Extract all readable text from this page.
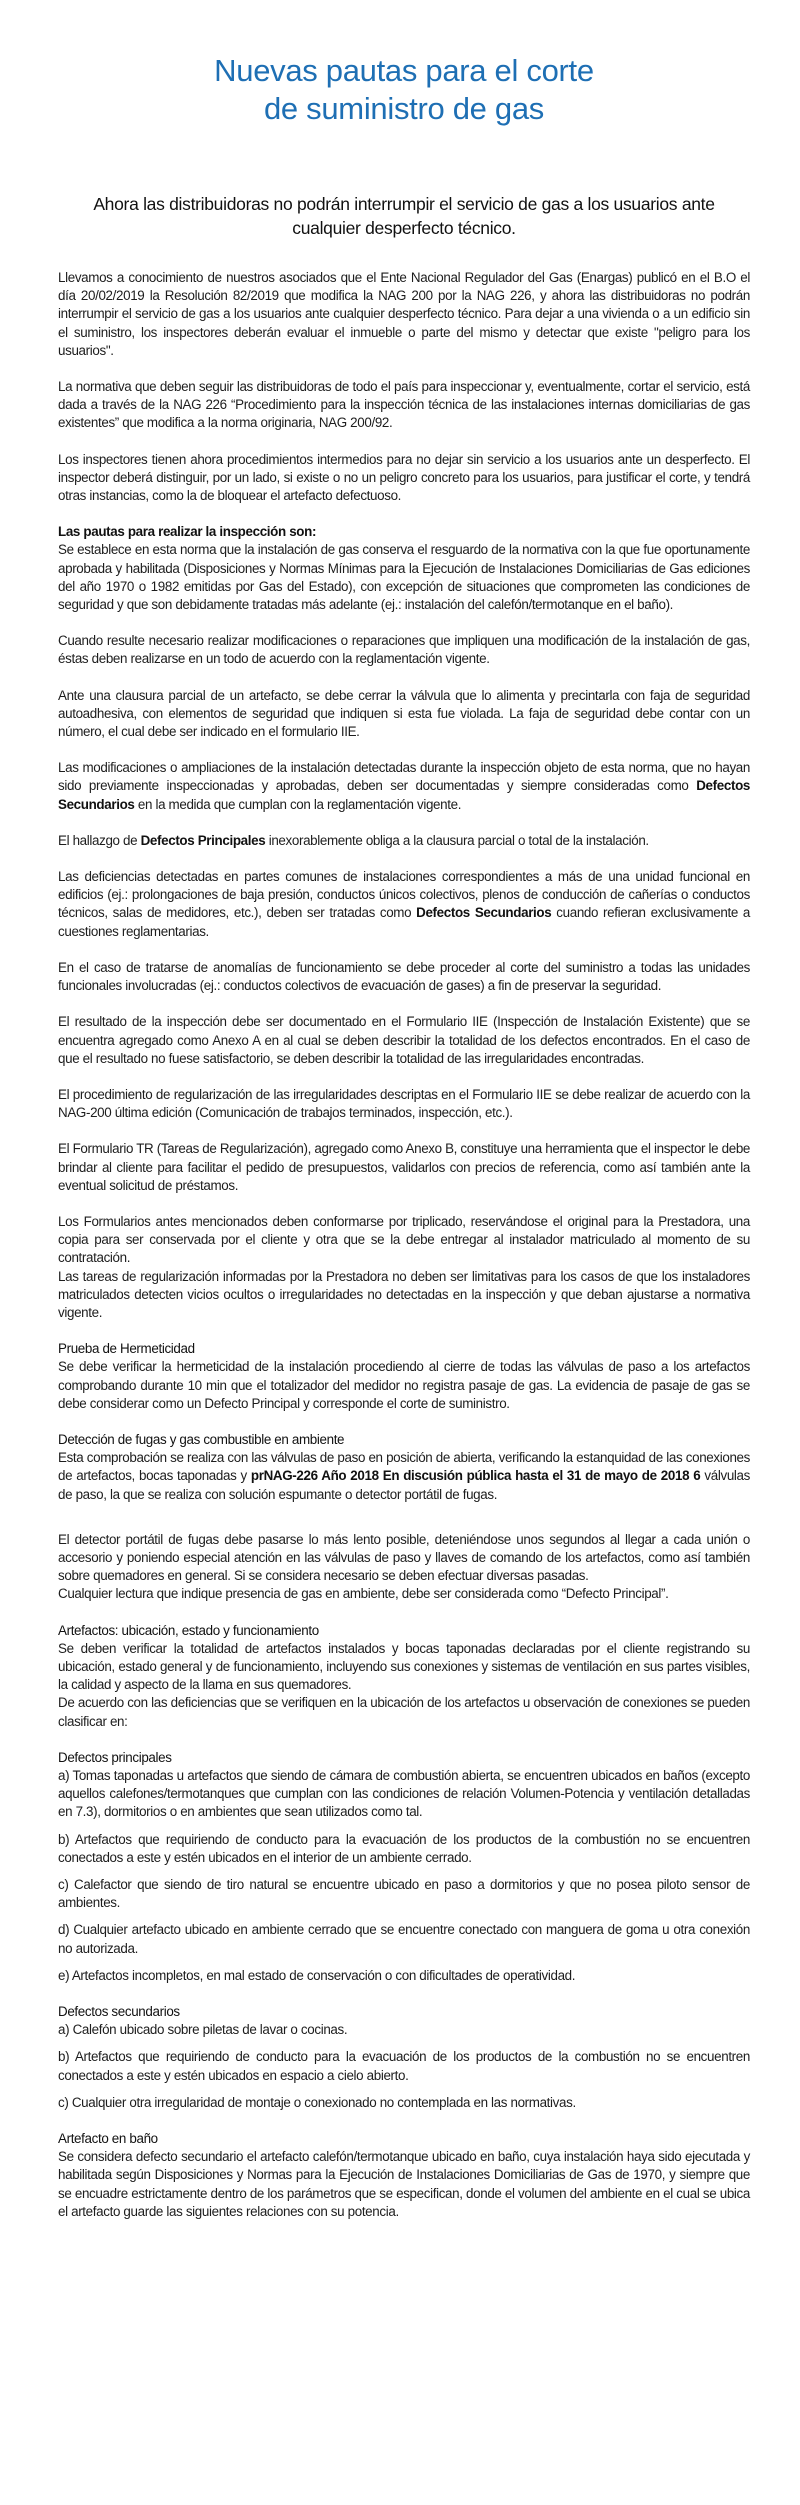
Nuevas pautas para el corte
de suministro de gas
Ahora las distribuidoras no podrán interrumpir el servicio de gas a los usuarios ante cualquier desperfecto técnico.

Llevamos a conocimiento de nuestros asociados que el Ente Nacional Regulador del Gas (Enargas) publicó en el B.O el día 20/02/2019 la Resolución 82/2019 que modifica la NAG 200 por la NAG 226, y ahora las distribuidoras no podrán interrumpir el servicio de gas a los usuarios ante cualquier desperfecto técnico. Para dejar a una vivienda o a un edificio sin el suministro, los inspectores deberán evaluar el inmueble o parte del mismo y detectar que existe "peligro para los usuarios".

La normativa que deben seguir las distribuidoras de todo el país para inspeccionar y, eventualmente, cortar el servicio, está dada a través de la NAG 226 “Procedimiento para la inspección técnica de las instalaciones internas domiciliarias de gas existentes” que modifica a la norma originaria, NAG 200/92.

Los inspectores tienen ahora procedimientos intermedios para no dejar sin servicio a los usuarios ante un desperfecto. El inspector deberá distinguir, por un lado, si existe o no un peligro concreto para los usuarios, para justificar el corte, y tendrá otras instancias, como la de bloquear el artefacto defectuoso.

Las pautas para realizar la inspección son:

Se establece en esta norma que la instalación de gas conserva el resguardo de la normativa con la que fue oportunamente aprobada y habilitada (Disposiciones y Normas Mínimas para la Ejecución de Instalaciones Domiciliarias de Gas ediciones del año 1970 o 1982 emitidas por Gas del Estado), con excepción de situaciones que comprometen las condiciones de seguridad y que son debidamente tratadas más adelante (ej.: instalación del calefón/termotanque en el baño).

Cuando resulte necesario realizar modificaciones o reparaciones que impliquen una modificación de la instalación de gas, éstas deben realizarse en un todo de acuerdo con la reglamentación vigente.

Ante una clausura parcial de un artefacto, se debe cerrar la válvula que lo alimenta y precintarla con faja de seguridad autoadhesiva, con elementos de seguridad que indiquen si esta fue violada. La faja de seguridad debe contar con un número, el cual debe ser indicado en el formulario IIE.

Las modificaciones o ampliaciones de la instalación detectadas durante la inspección objeto de esta norma, que no hayan sido previamente inspeccionadas y aprobadas, deben ser documentadas y siempre consideradas como Defectos Secundarios en la medida que cumplan con la reglamentación vigente.

El hallazgo de Defectos Principales inexorablemente obliga a la clausura parcial o total de la instalación.

Las deficiencias detectadas en partes comunes de instalaciones correspondientes a más de una unidad funcional en edificios (ej.: prolongaciones de baja presión, conductos únicos colectivos, plenos de conducción de cañerías o conductos técnicos, salas de medidores, etc.), deben ser tratadas como Defectos Secundarios cuando refieran exclusivamente a cuestiones reglamentarias.

En el caso de tratarse de anomalías de funcionamiento se debe proceder al corte del suministro a todas las unidades funcionales involucradas (ej.: conductos colectivos de evacuación de gases) a fin de preservar la seguridad.

El resultado de la inspección debe ser documentado en el Formulario IIE (Inspección de Instalación Existente) que se encuentra agregado como Anexo A en al cual se deben describir la totalidad de los defectos encontrados. En el caso de que el resultado no fuese satisfactorio, se deben describir la totalidad de las irregularidades encontradas.

El procedimiento de regularización de las irregularidades descriptas en el Formulario IIE se debe realizar de acuerdo con la NAG-200 última edición (Comunicación de trabajos terminados, inspección, etc.).

El Formulario TR (Tareas de Regularización), agregado como Anexo B, constituye una herramienta que el inspector le debe brindar al cliente para facilitar el pedido de presupuestos, validarlos con precios de referencia, como así también ante la eventual solicitud de préstamos.

Los Formularios antes mencionados deben conformarse por triplicado, reservándose el original para la Prestadora, una copia para ser conservada por el cliente y otra que se la debe entregar al instalador matriculado al momento de su contratación.

Las tareas de regularización informadas por la Prestadora no deben ser limitativas para los casos de que los instaladores matriculados detecten vicios ocultos o irregularidades no detectadas en la inspección y que deban ajustarse a normativa vigente.

Prueba de Hermeticidad

Se debe verificar la hermeticidad de la instalación procediendo al cierre de todas las válvulas de paso a los artefactos comprobando durante 10 min que el totalizador del medidor no registra pasaje de gas. La evidencia de pasaje de gas se debe considerar como un Defecto Principal y corresponde el corte de suministro.

Detección de fugas y gas combustible en ambiente

Esta comprobación se realiza con las válvulas de paso en posición de abierta, verificando la estanquidad de las conexiones de artefactos, bocas taponadas y prNAG-226 Año 2018 En discusión pública hasta el 31 de mayo de 2018 6 válvulas de paso, la que se realiza con solución espumante o detector portátil de fugas.

El detector portátil de fugas debe pasarse lo más lento posible, deteniéndose unos segundos al llegar a cada unión o accesorio y poniendo especial atención en las válvulas de paso y llaves de comando de los artefactos, como así también sobre quemadores en general. Si se considera necesario se deben efectuar diversas pasadas.

Cualquier lectura que indique presencia de gas en ambiente, debe ser considerada como “Defecto Principal”.

Artefactos: ubicación, estado y funcionamiento

Se deben verificar la totalidad de artefactos instalados y bocas taponadas declaradas por el cliente registrando su ubicación, estado general y de funcionamiento, incluyendo sus conexiones y sistemas de ventilación en sus partes visibles, la calidad y aspecto de la llama en sus quemadores.

De acuerdo con las deficiencias que se verifiquen en la ubicación de los artefactos u observación de conexiones se pueden clasificar en:

Defectos principales

a) Tomas taponadas u artefactos que siendo de cámara de combustión abierta, se encuentren ubicados en baños (excepto aquellos calefones/termotanques que cumplan con las condiciones de relación Volumen-Potencia y ventilación detalladas en 7.3), dormitorios o en ambientes que sean utilizados como tal.

b) Artefactos que requiriendo de conducto para la evacuación de los productos de la combustión no se encuentren conectados a este y estén ubicados en el interior de un ambiente cerrado.

c) Calefactor que siendo de tiro natural se encuentre ubicado en paso a dormitorios y que no posea piloto sensor de ambientes.

d) Cualquier artefacto ubicado en ambiente cerrado que se encuentre conectado con manguera de goma u otra conexión no autorizada.

e) Artefactos incompletos, en mal estado de conservación o con dificultades de operatividad.

Defectos secundarios

a) Calefón ubicado sobre piletas de lavar o cocinas.

b) Artefactos que requiriendo de conducto para la evacuación de los productos de la combustión no se encuentren conectados a este y estén ubicados en espacio a cielo abierto.

c) Cualquier otra irregularidad de montaje o conexionado no contemplada en las normativas.

Artefacto en baño

Se considera defecto secundario el artefacto calefón/termotanque ubicado en baño, cuya instalación haya sido ejecutada y habilitada según Disposiciones y Normas para la Ejecución de Instalaciones Domiciliarias de Gas de 1970, y siempre que se encuadre estrictamente dentro de los parámetros que se especifican, donde el volumen del ambiente en el cual se ubica el artefacto guarde las siguientes relaciones con su potencia.
